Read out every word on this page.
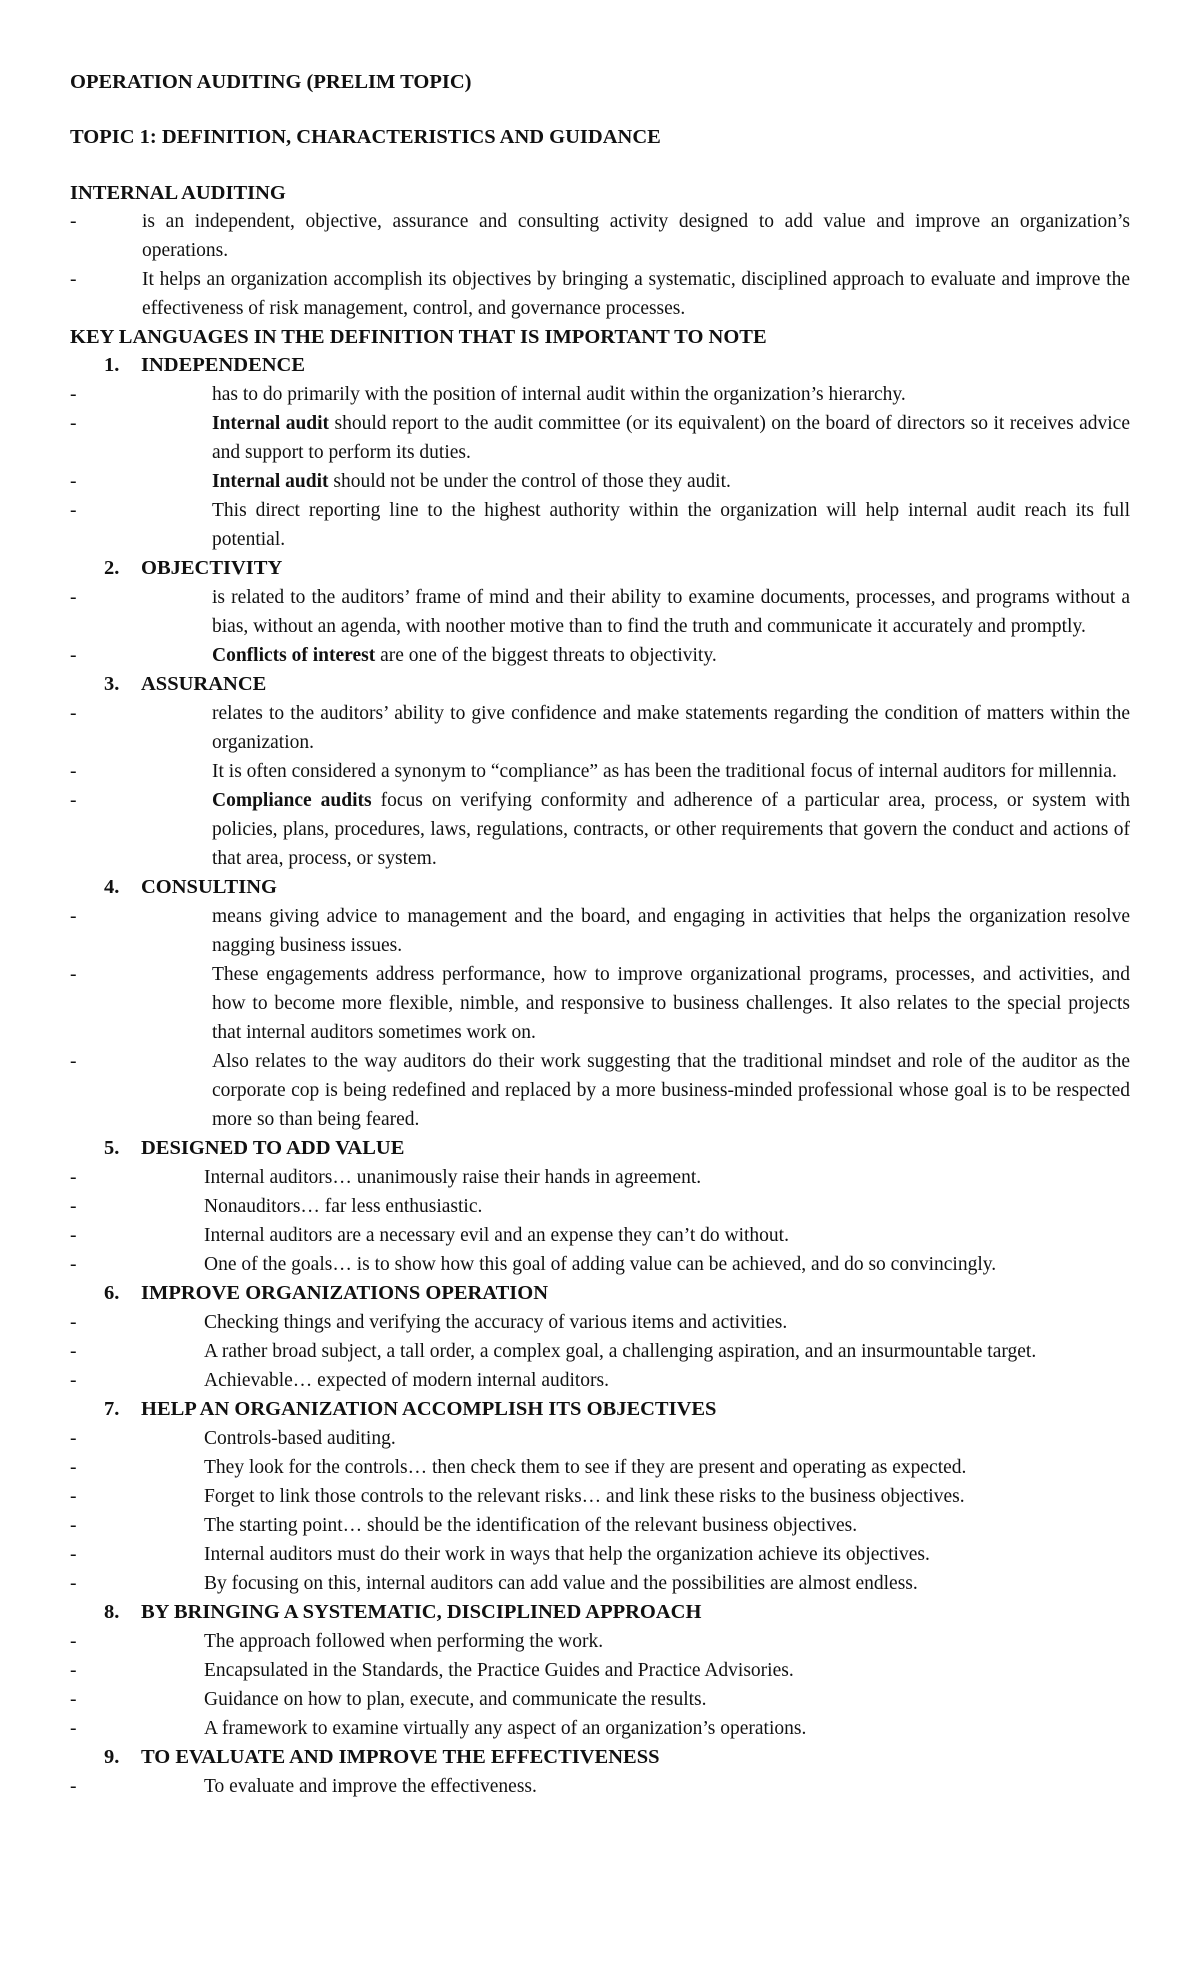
OPERATION AUDITING (PRELIM TOPIC)
TOPIC 1: DEFINITION, CHARACTERISTICS AND GUIDANCE
INTERNAL AUDITING
-	is an independent, objective, assurance and consulting activity designed to add value and improve an organization’s operations.
-	It helps an organization accomplish its objectives by bringing a systematic, disciplined approach to evaluate and improve the effectiveness of risk management, control, and governance processes.
KEY LANGUAGES IN THE DEFINITION THAT IS IMPORTANT TO NOTE
1. INDEPENDENCE
-	has to do primarily with the position of internal audit within the organization’s hierarchy.
-	Internal audit should report to the audit committee (or its equivalent) on the board of directors so it receives advice and support to perform its duties.
-	Internal audit should not be under the control of those they audit.
-	This direct reporting line to the highest authority within the organization will help internal audit reach its full potential.
2. OBJECTIVITY
-	is related to the auditors’ frame of mind and their ability to examine documents, processes, and programs without a bias, without an agenda, with noother motive than to find the truth and communicate it accurately and promptly.
-	Conflicts of interest are one of the biggest threats to objectivity.
3. ASSURANCE
-	relates to the auditors’ ability to give confidence and make statements regarding the condition of matters within the organization.
-	It is often considered a synonym to “compliance” as has been the traditional focus of internal auditors for millennia.
-	Compliance audits focus on verifying conformity and adherence of a particular area, process, or system with policies, plans, procedures, laws, regulations, contracts, or other requirements that govern the conduct and actions of that area, process, or system.
4. CONSULTING
-	means giving advice to management and the board, and engaging in activities that helps the organization resolve nagging business issues.
-	These engagements address performance, how to improve organizational programs, processes, and activities, and how to become more flexible, nimble, and responsive to business challenges. It also relates to the special projects that internal auditors sometimes work on.
-	Also relates to the way auditors do their work suggesting that the traditional mindset and role of the auditor as the corporate cop is being redefined and replaced by a more business-minded professional whose goal is to be respected more so than being feared.
5. DESIGNED TO ADD VALUE
-	Internal auditors… unanimously raise their hands in agreement.
-	Nonauditors… far less enthusiastic.
-	Internal auditors are a necessary evil and an expense they can’t do without.
-	One of the goals… is to show how this goal of adding value can be achieved, and do so convincingly.
6. IMPROVE ORGANIZATIONS OPERATION
-	Checking things and verifying the accuracy of various items and activities.
-	A rather broad subject, a tall order, a complex goal, a challenging aspiration, and an insurmountable target.
-	Achievable… expected of modern internal auditors.
7. HELP AN ORGANIZATION ACCOMPLISH ITS OBJECTIVES
-	Controls-based auditing.
-	They look for the controls… then check them to see if they are present and operating as expected.
-	Forget to link those controls to the relevant risks… and link these risks to the business objectives.
-	The starting point… should be the identification of the relevant business objectives.
-	Internal auditors must do their work in ways that help the organization achieve its objectives.
-	By focusing on this, internal auditors can add value and the possibilities are almost endless.
8. BY BRINGING A SYSTEMATIC, DISCIPLINED APPROACH
-	The approach followed when performing the work.
-	Encapsulated in the Standards, the Practice Guides and Practice Advisories.
-	Guidance on how to plan, execute, and communicate the results.
-	A framework to examine virtually any aspect of an organization’s operations.
9. TO EVALUATE AND IMPROVE THE EFFECTIVENESS
-	To evaluate and improve the effectiveness.
